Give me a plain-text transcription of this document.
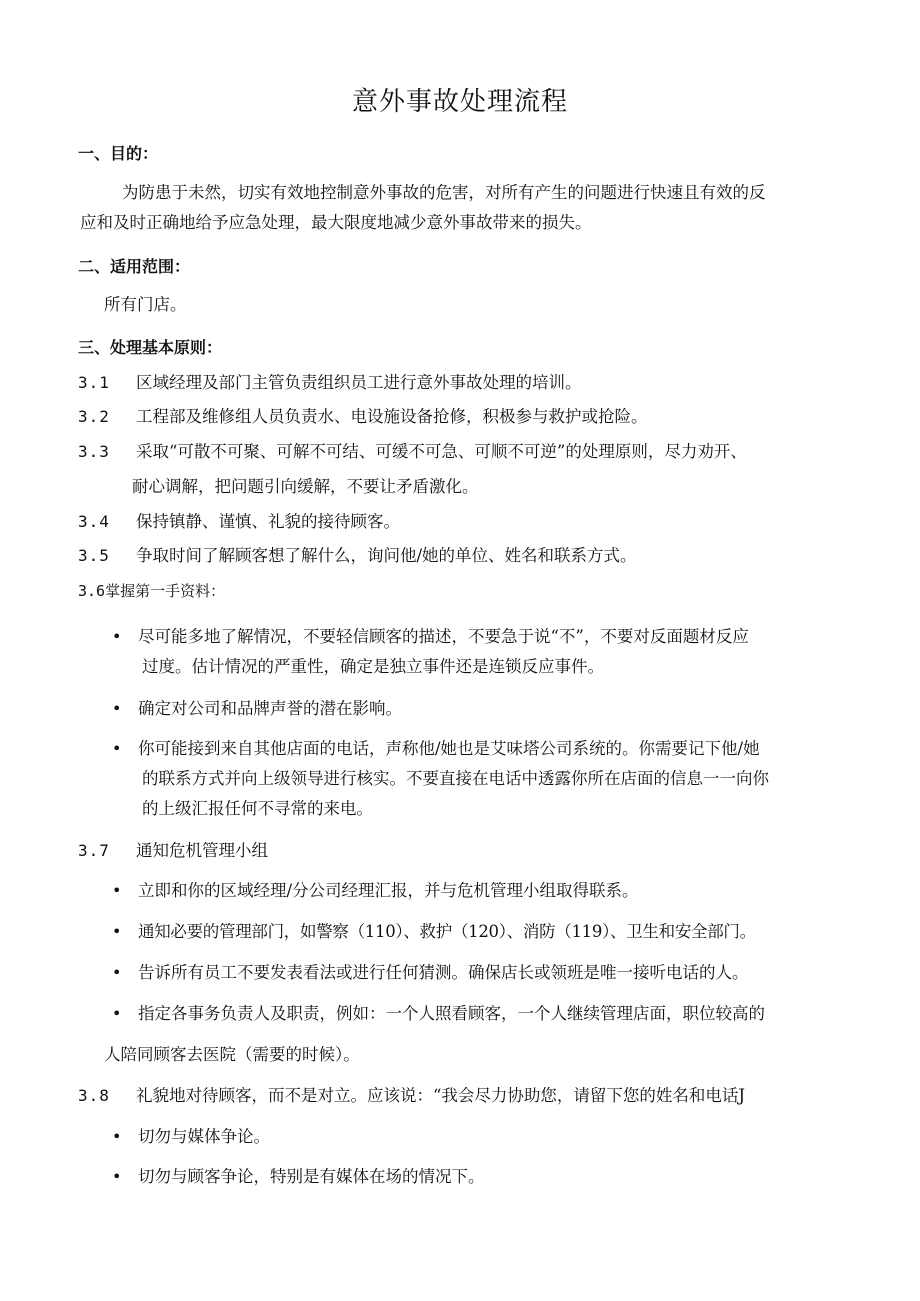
意外事故处理流程
一、目的：
为防患于未然，切实有效地控制意外事故的危害，对所有产生的问题进行快速且有效的反
应和及时正确地给予应急处理，最大限度地减少意外事故带来的损失。
二、适用范围：
所有门店。
三、处理基本原则：
3.1 区域经理及部门主管负责组织员工进行意外事故处理的培训。
3.2 工程部及维修组人员负责水、电设施设备抢修，积极参与救护或抢险。
3.3 采取“可散不可聚、可解不可结、可缓不可急、可顺不可逆”的处理原则，尽力劝开、
耐心调解，把问题引向缓解，不要让矛盾激化。
3.4 保持镇静、谨慎、礼貌的接待顾客。
3.5 争取时间了解顾客想了解什么，询问他/她的单位、姓名和联系方式。
3.6掌握第一手资料：
• 尽可能多地了解情况，不要轻信顾客的描述，不要急于说“不”，不要对反面题材反应
过度。估计情况的严重性，确定是独立事件还是连锁反应事件。
• 确定对公司和品牌声誉的潜在影响。
• 你可能接到来自其他店面的电话，声称他/她也是艾味塔公司系统的。你需要记下他/她
的联系方式并向上级领导进行核实。不要直接在电话中透露你所在店面的信息一一向你
的上级汇报任何不寻常的来电。
3.7 通知危机管理小组
• 立即和你的区域经理/分公司经理汇报，并与危机管理小组取得联系。
• 通知必要的管理部门，如警察（110）、救护（120）、消防（119）、卫生和安全部门。
• 告诉所有员工不要发表看法或进行任何猜测。确保店长或领班是唯一接听电话的人。
• 指定各事务负责人及职责，例如：一个人照看顾客，一个人继续管理店面，职位较高的
人陪同顾客去医院（需要的时候）。
3.8 礼貌地对待顾客，而不是对立。应该说：“我会尽力协助您，请留下您的姓名和电话J
• 切勿与媒体争论。
• 切勿与顾客争论，特别是有媒体在场的情况下。
